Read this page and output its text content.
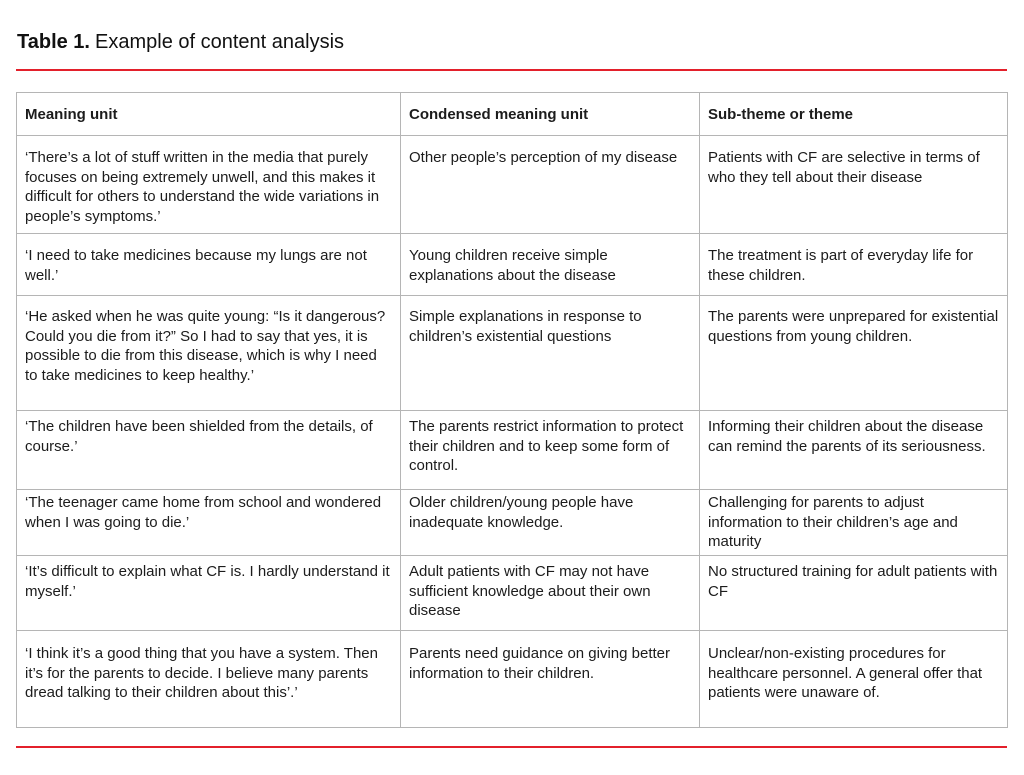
Table 1. Example of content analysis
Meaning unit	Condensed meaning unit	Sub-theme or theme
‘There’s a lot of stuff written in the media that purely focuses on being extremely unwell, and this makes it difficult for others to understand the wide variations in people’s symptoms.’	Other people’s perception of my disease	Patients with CF are selective in terms of who they tell about their disease
‘I need to take medicines because my lungs are not well.’	Young children receive simple explanations about the disease	The treatment is part of everyday life for these children.
‘He asked when he was quite young: “Is it dangerous? Could you die from it?” So I had to say that yes, it is possible to die from this disease, which is why I need to take medicines to keep healthy.’	Simple explanations in response to children’s existential questions	The parents were unprepared for existential questions from young children.
‘The children have been shielded from the details, of course.’	The parents restrict information to protect their children and to keep some form of control.	Informing their children about the disease can remind the parents of its seriousness.
‘The teenager came home from school and wondered when I was going to die.’	Older children/young people have inadequate knowledge.	Challenging for parents to adjust information to their children’s age and maturity
‘It’s difficult to explain what CF is. I hardly understand it myself.’	Adult patients with CF may not have sufficient knowledge about their own disease	No structured training for adult patients with CF
‘I think it’s a good thing that you have a system. Then it’s for the parents to decide. I believe many parents dread talking to their children about this’.’	Parents need guidance on giving better information to their children.	Unclear/non-existing procedures for healthcare personnel. A general offer that patients were unaware of.
